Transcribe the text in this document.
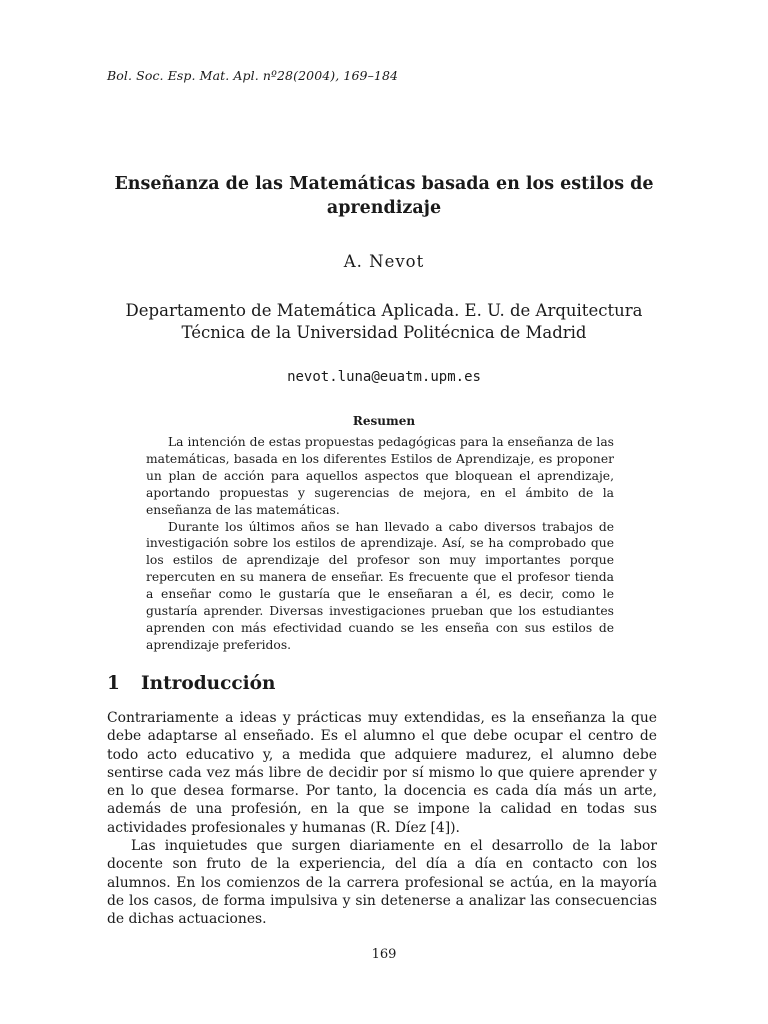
Bol. Soc. Esp. Mat. Apl. nº28(2004), 169–184
Enseñanza de las Matemáticas basada en los estilos de aprendizaje
A. Nevot
Departamento de Matemática Aplicada. E. U. de Arquitectura
Técnica de la Universidad Politécnica de Madrid
nevot.luna@euatm.upm.es
Resumen

La intención de estas propuestas pedagógicas para la enseñanza de las matemáticas, basada en los diferentes Estilos de Aprendizaje, es proponer un plan de acción para aquellos aspectos que bloquean el aprendizaje, aportando propuestas y sugerencias de mejora, en el ámbito de la enseñanza de las matemáticas.

Durante los últimos años se han llevado a cabo diversos trabajos de investigación sobre los estilos de aprendizaje. Así, se ha comprobado que los estilos de aprendizaje del profesor son muy importantes porque repercuten en su manera de enseñar. Es frecuente que el profesor tienda a enseñar como le gustaría que le enseñaran a él, es decir, como le gustaría aprender. Diversas investigaciones prueban que los estudiantes aprenden con más efectividad cuando se les enseña con sus estilos de aprendizaje preferidos.

1 Introducción

Contrariamente a ideas y prácticas muy extendidas, es la enseñanza la que debe adaptarse al enseñado. Es el alumno el que debe ocupar el centro de todo acto educativo y, a medida que adquiere madurez, el alumno debe sentirse cada vez más libre de decidir por sí mismo lo que quiere aprender y en lo que desea formarse. Por tanto, la docencia es cada día más un arte, además de una profesión, en la que se impone la calidad en todas sus actividades profesionales y humanas (R. Díez [4]).

Las inquietudes que surgen diariamente en el desarrollo de la labor docente son fruto de la experiencia, del día a día en contacto con los alumnos. En los comienzos de la carrera profesional se actúa, en la mayoría de los casos, de forma impulsiva y sin detenerse a analizar las consecuencias de dichas actuaciones.

169
